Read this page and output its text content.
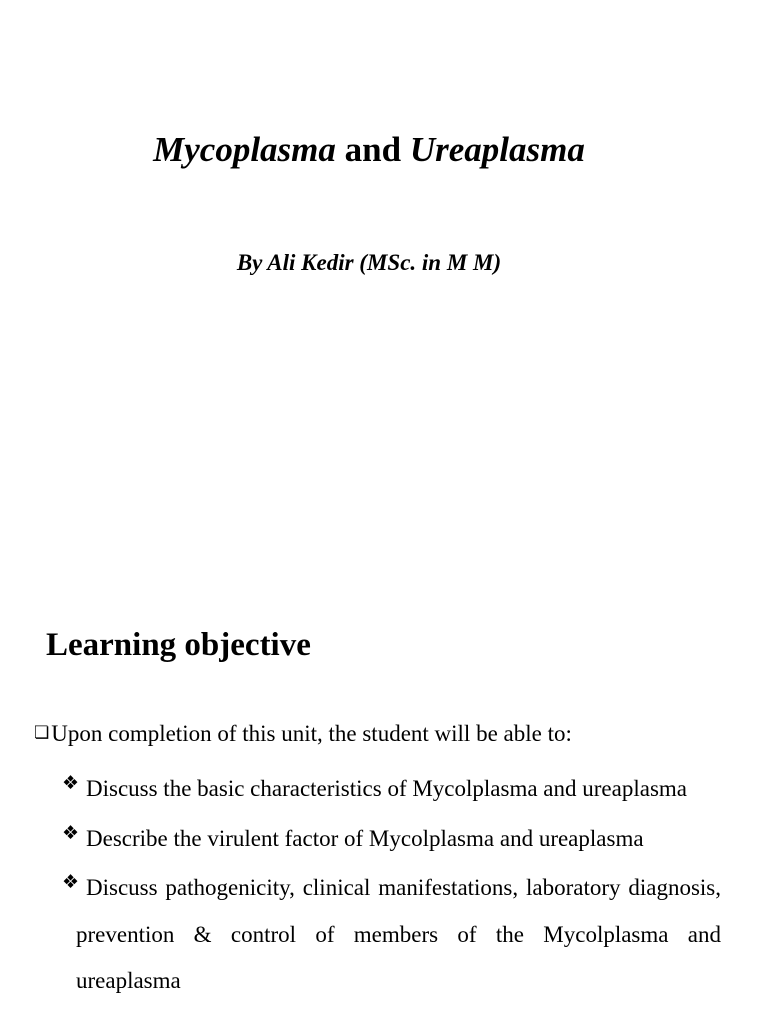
Mycoplasma and Ureaplasma

By Ali Kedir (MSc. in M M)

Learning objective
❏Upon completion of this unit, the student will be able to:
❖ Discuss the basic characteristics of Mycolplasma and ureaplasma
❖ Describe the virulent factor of Mycolplasma and ureaplasma
❖ Discuss pathogenicity, clinical manifestations, laboratory diagnosis, prevention & control of members of the Mycolplasma and ureaplasma
